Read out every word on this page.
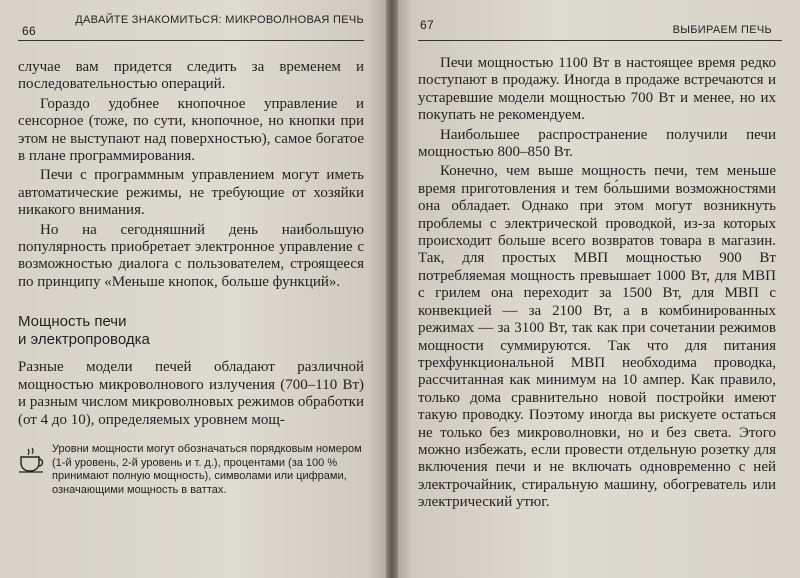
66
ДАВАЙТЕ ЗНАКОМИТЬСЯ: МИКРОВОЛНОВАЯ ПЕЧЬ

случае вам придется следить за временем и последовательностью операций.

Гораздо удобнее кнопочное управление и сенсорное (тоже, по сути, кнопочное, но кнопки при этом не выступают над поверхностью), самое богатое в плане программирования.

Печи с программным управлением могут иметь автоматические режимы, не требующие от хозяйки никакого внимания.

Но на сегодняшний день наибольшую популярность приобретает электронное управление с возможностью диалога с пользователем, строящееся по принципу «Меньше кнопок, больше функций».

Мощность печи
и электропроводка

Разные модели печей обладают различной мощностью микроволнового излучения (700–110 Вт) и разным числом микроволновых режимов обработки (от 4 до 10), определяемых уровнем мощ-

Уровни мощности могут обозначаться порядковым номером (1-й уровень, 2-й уровень и т. д.), процентами (за 100 % принимают полную мощность), символами или цифрами, означающими мощность в ваттах.
67	ВЫБИРАЕМ ПЕЧЬ

Печи мощностью 1100 Вт в настоящее время редко поступают в продажу. Иногда в продаже встречаются и устаревшие модели мощностью 700 Вт и менее, но их покупать не рекомендуем.

Наибольшее распространение получили печи мощностью 800–850 Вт.

Конечно, чем выше мощность печи, тем меньше время приготовления и тем бо́льшими возможностями она обладает. Однако при этом могут возникнуть проблемы с электрической проводкой, из-за которых происходит больше всего возвратов товара в магазин. Так, для простых МВП мощностью 900 Вт потребляемая мощность превышает 1000 Вт, для МВП с грилем она переходит за 1500 Вт, для МВП с конвекцией — за 2100 Вт, а в комбинированных режимах — за 3100 Вт, так как при сочетании режимов мощности суммируются. Так что для питания трехфункциональной МВП необходима проводка, рассчитанная как минимум на 10 ампер. Как правило, только дома сравнительно новой постройки имеют такую проводку. Поэтому иногда вы рискуете остаться не только без микроволновки, но и без света. Этого можно избежать, если провести отдельную розетку для включения печи и не включать одновременно с ней электрочайник, стиральную машину, обогреватель или электрический утюг.
